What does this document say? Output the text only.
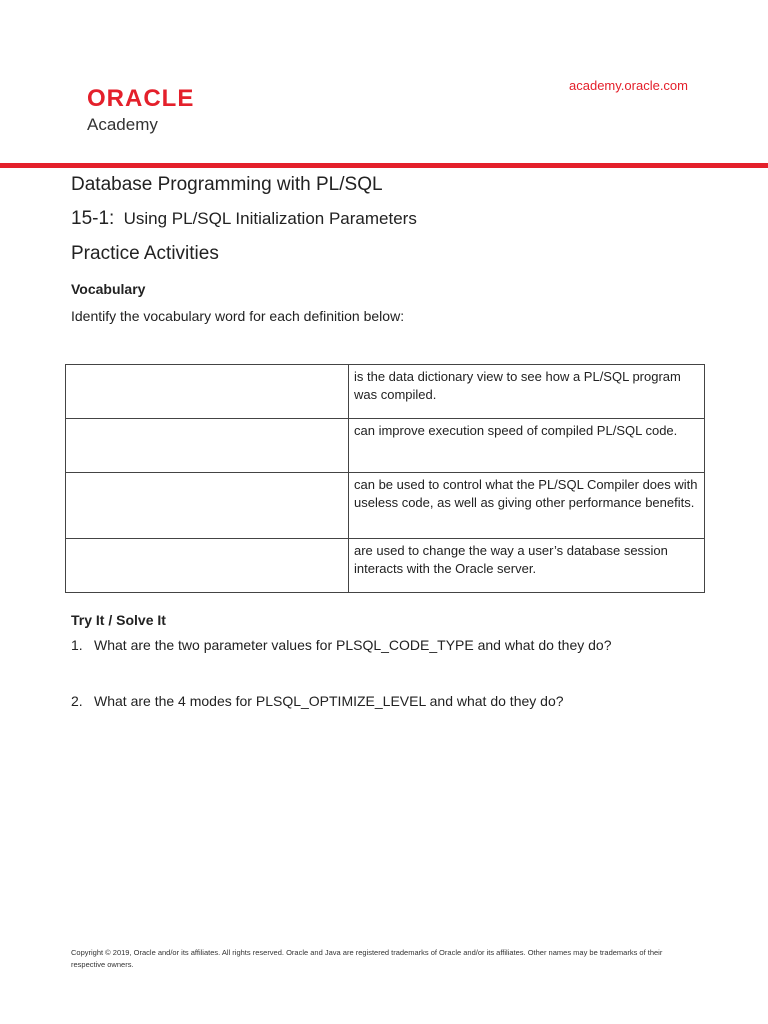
ORACLE
Academy
academy.oracle.com
Database Programming with PL/SQL
15-1: Using PL/SQL Initialization Parameters
Practice Activities
Vocabulary
Identify the vocabulary word for each definition below:
	is the data dictionary view to see how a PL/SQL program was compiled.
	can improve execution speed of compiled PL/SQL code.
	can be used to control what the PL/SQL Compiler does with useless code, as well as giving other performance benefits.
	are used to change the way a user’s database session interacts with the Oracle server.
Try It / Solve It
1. What are the two parameter values for PLSQL_CODE_TYPE and what do they do?
2. What are the 4 modes for PLSQL_OPTIMIZE_LEVEL and what do they do?
Copyright © 2019, Oracle and/or its affiliates. All rights reserved. Oracle and Java are registered trademarks of Oracle and/or its affiliates. Other names may be trademarks of their respective owners.
